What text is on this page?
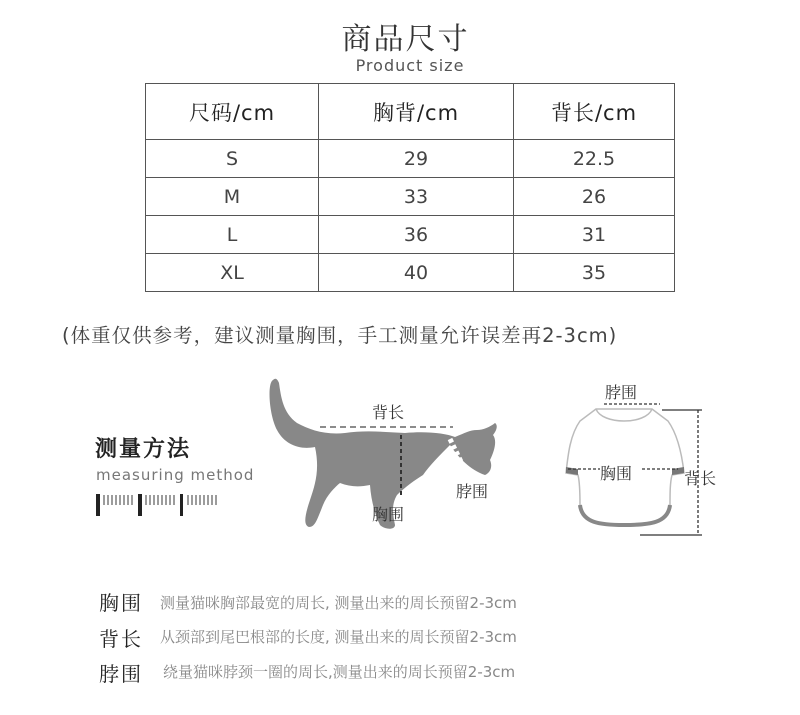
商品尺寸
Product size
尺码/cm	胸背/cm	背长/cm
S	29	22.5
M	33	26
L	36	31
XL	40	35
(体重仅供参考，建议测量胸围，手工测量允许误差再2-3cm)
测量方法
measuring method
背长
脖围
胸围
脖围
胸围	背长
胸围 测量猫咪胸部最宽的周长, 测量出来的周长预留2-3cm
背长 从颈部到尾巴根部的长度, 测量出来的周长预留2-3cm
脖围 绕量猫咪脖颈一圈的周长,测量出来的周长预留2-3cm
